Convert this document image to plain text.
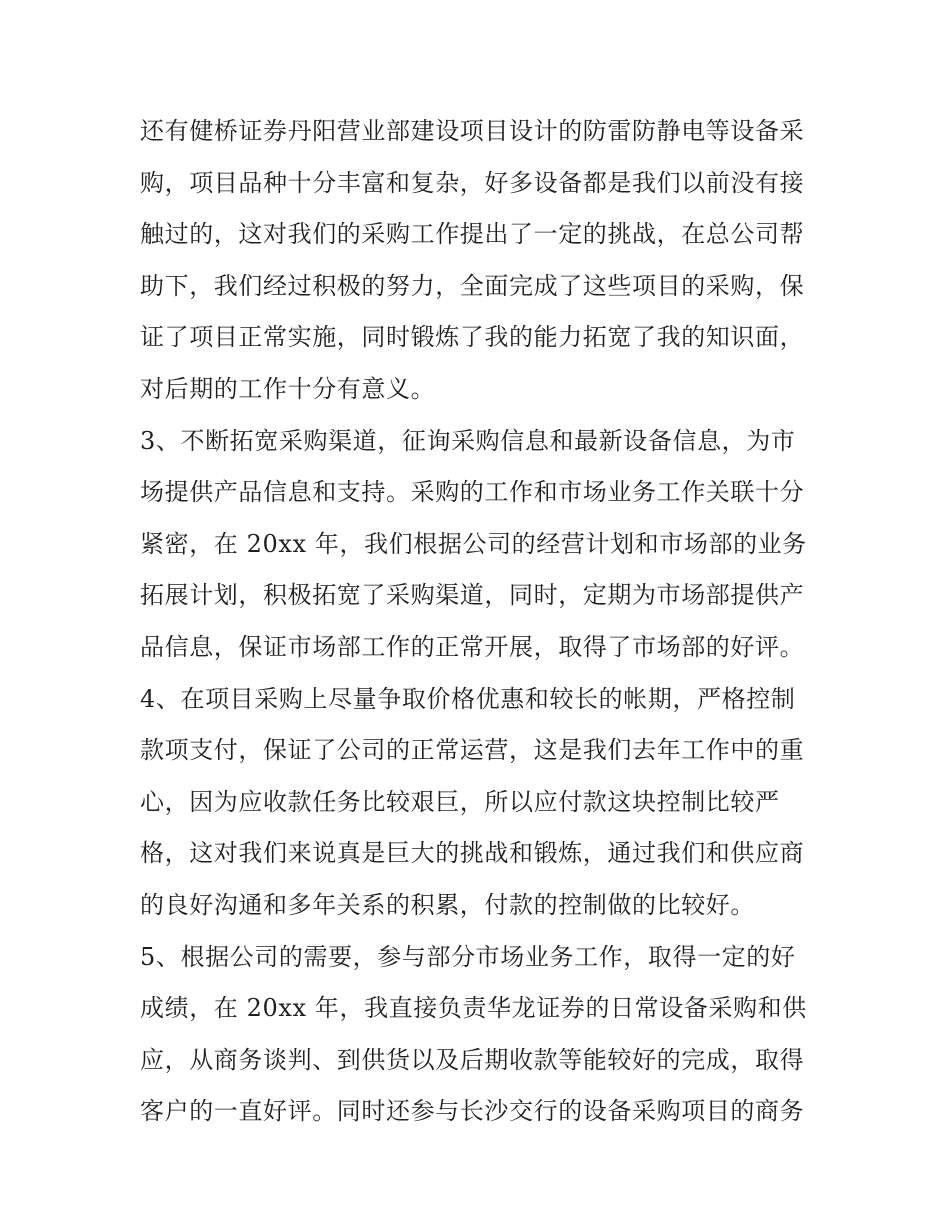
还有健桥证券丹阳营业部建设项目设计的防雷防静电等设备采
购，项目品种十分丰富和复杂，好多设备都是我们以前没有接
触过的，这对我们的采购工作提出了一定的挑战，在总公司帮
助下，我们经过积极的努力，全面完成了这些项目的采购，保
证了项目正常实施，同时锻炼了我的能力拓宽了我的知识面，
对后期的工作十分有意义。
3、不断拓宽采购渠道，征询采购信息和最新设备信息，为市
场提供产品信息和支持。采购的工作和市场业务工作关联十分
紧密，在 20xx 年，我们根据公司的经营计划和市场部的业务
拓展计划，积极拓宽了采购渠道，同时，定期为市场部提供产
品信息，保证市场部工作的正常开展，取得了市场部的好评。
4、在项目采购上尽量争取价格优惠和较长的帐期，严格控制
款项支付，保证了公司的正常运营，这是我们去年工作中的重
心，因为应收款任务比较艰巨，所以应付款这块控制比较严
格，这对我们来说真是巨大的挑战和锻炼，通过我们和供应商
的良好沟通和多年关系的积累，付款的控制做的比较好。
5、根据公司的需要，参与部分市场业务工作，取得一定的好
成绩，在 20xx 年，我直接负责华龙证券的日常设备采购和供
应，从商务谈判、到供货以及后期收款等能较好的完成，取得
客户的一直好评。同时还参与长沙交行的设备采购项目的商务
